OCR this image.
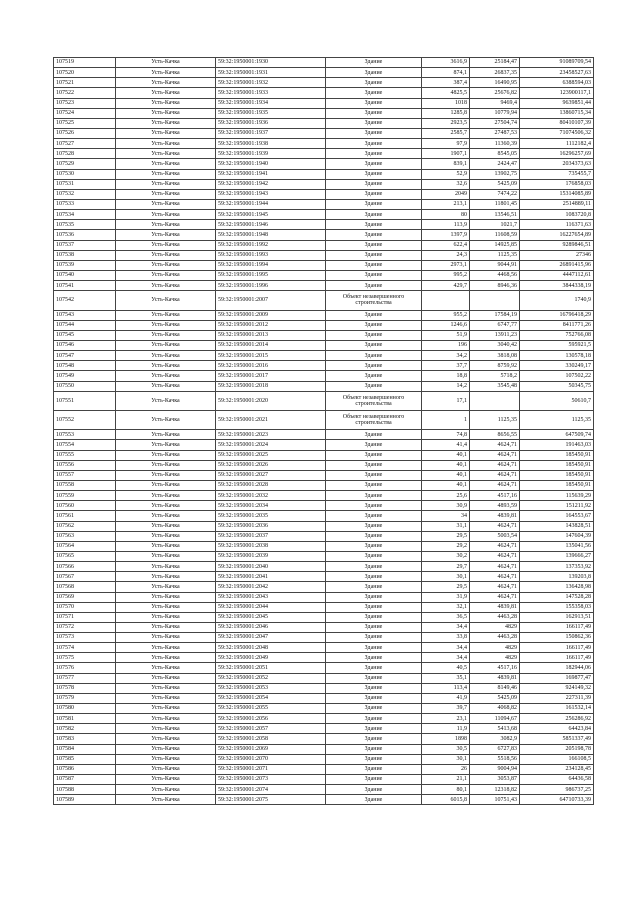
107519	Усть-Качка	59:32:1950001:1930	Здание	3616,9	25184,47	91089709,54
107520	Усть-Качка	59:32:1950001:1931	Здание	874,1	26837,35	23458527,63
107521	Усть-Качка	59:32:1950001:1932	Здание	387,4	16490,95	6388594,03
107522	Усть-Качка	59:32:1950001:1933	Здание	4825,5	25676,82	123900117,1
107523	Усть-Качка	59:32:1950001:1934	Здание	1018	9469,4	9639851,44
107524	Усть-Качка	59:32:1950001:1935	Здание	1285,8	10779,94	13860715,34
107525	Усть-Качка	59:32:1950001:1936	Здание	2923,5	27504,74	80410107,39
107526	Усть-Качка	59:32:1950001:1937	Здание	2585,7	27487,53	71074506,32
107527	Усть-Качка	59:32:1950001:1938	Здание	97,9	11360,39	1112182,4
107528	Усть-Качка	59:32:1950001:1939	Здание	1907,1	8545,05	16296257,69
107529	Усть-Качка	59:32:1950001:1940	Здание	839,1	2424,47	2034373,63
107530	Усть-Качка	59:32:1950001:1941	Здание	52,9	13902,75	735455,7
107531	Усть-Качка	59:32:1950001:1942	Здание	32,6	5425,09	176858,03
107532	Усть-Качка	59:32:1950001:1943	Здание	2049	7474,22	15314085,89
107533	Усть-Качка	59:32:1950001:1944	Здание	213,1	11801,45	2514889,11
107534	Усть-Качка	59:32:1950001:1945	Здание	80	13546,51	1083720,8
107535	Усть-Качка	59:32:1950001:1946	Здание	113,9	1021,7	116371,63
107536	Усть-Качка	59:32:1950001:1948	Здание	1397,9	11608,59	16227654,89
107537	Усть-Качка	59:32:1950001:1992	Здание	622,4	14925,85	9289846,51
107538	Усть-Качка	59:32:1950001:1993	Здание	24,3	1125,35	27346
107539	Усть-Качка	59:32:1950001:1994	Здание	2973,1	9044,91	26891415,96
107540	Усть-Качка	59:32:1950001:1995	Здание	995,2	4468,56	4447112,61
107541	Усть-Качка	59:32:1950001:1996	Здание	429,7	8946,36	3844338,19
107542	Усть-Качка	59:32:1950001:2007	Объект незавершенного строительства			1740,9
107543	Усть-Качка	59:32:1950001:2009	Здание	955,2	17584,19	16796418,29
107544	Усть-Качка	59:32:1950001:2012	Здание	1246,6	6747,77	8411771,26
107545	Усть-Качка	59:32:1950001:2013	Здание	51,9	13911,23	752766,08
107546	Усть-Качка	59:32:1950001:2014	Здание	196	3040,42	595921,5
107547	Усть-Качка	59:32:1950001:2015	Здание	34,2	3818,08	130578,18
107548	Усть-Качка	59:32:1950001:2016	Здание	37,7	8759,92	330249,17
107549	Усть-Качка	59:32:1950001:2017	Здание	18,8	5718,2	107502,22
107550	Усть-Качка	59:32:1950001:2018	Здание	14,2	3545,48	50345,75
107551	Усть-Качка	59:32:1950001:2020	Объект незавершенного строительства	17,1		50610,7
107552	Усть-Качка	59:32:1950001:2021	Объект незавершенного строительства	1	1125,35	1125,35
107553	Усть-Качка	59:32:1950001:2023	Здание	74,8	8656,55	647509,74
107554	Усть-Качка	59:32:1950001:2024	Здание	41,4	4624,71	191463,03
107555	Усть-Качка	59:32:1950001:2025	Здание	40,1	4624,71	185450,91
107556	Усть-Качка	59:32:1950001:2026	Здание	40,1	4624,71	185450,91
107557	Усть-Качка	59:32:1950001:2027	Здание	40,1	4624,71	185450,91
107558	Усть-Качка	59:32:1950001:2028	Здание	40,1	4624,71	185450,91
107559	Усть-Качка	59:32:1950001:2032	Здание	25,6	4517,16	115639,29
107560	Усть-Качка	59:32:1950001:2034	Здание	30,9	4893,59	151211,92
107561	Усть-Качка	59:32:1950001:2035	Здание	34	4839,81	164553,67
107562	Усть-Качка	59:32:1950001:2036	Здание	31,1	4624,71	143828,51
107563	Усть-Качка	59:32:1950001:2037	Здание	29,5	5003,54	147604,39
107564	Усть-Качка	59:32:1950001:2038	Здание	29,2	4624,71	135041,56
107565	Усть-Качка	59:32:1950001:2039	Здание	30,2	4624,71	139666,27
107566	Усть-Качка	59:32:1950001:2040	Здание	29,7	4624,71	137353,92
107567	Усть-Качка	59:32:1950001:2041	Здание	30,1	4624,71	139203,8
107568	Усть-Качка	59:32:1950001:2042	Здание	29,5	4624,71	136428,98
107569	Усть-Качка	59:32:1950001:2043	Здание	31,9	4624,71	147528,28
107570	Усть-Качка	59:32:1950001:2044	Здание	32,1	4839,81	155358,03
107571	Усть-Качка	59:32:1950001:2045	Здание	36,5	4463,28	162913,51
107572	Усть-Качка	59:32:1950001:2046	Здание	34,4	4829	166117,49
107573	Усть-Качка	59:32:1950001:2047	Здание	33,8	4463,28	150862,36
107574	Усть-Качка	59:32:1950001:2048	Здание	34,4	4829	166117,49
107575	Усть-Качка	59:32:1950001:2049	Здание	34,4	4829	166117,49
107576	Усть-Качка	59:32:1950001:2051	Здание	40,5	4517,16	182944,06
107577	Усть-Качка	59:32:1950001:2052	Здание	35,1	4839,81	169877,47
107578	Усть-Качка	59:32:1950001:2053	Здание	113,4	8149,46	924149,32
107579	Усть-Качка	59:32:1950001:2054	Здание	41,9	5425,09	227311,39
107580	Усть-Качка	59:32:1950001:2055	Здание	39,7	4068,82	161532,14
107581	Усть-Качка	59:32:1950001:2056	Здание	23,1	11094,67	256286,92
107582	Усть-Качка	59:32:1950001:2057	Здание	11,9	5413,68	64423,84
107583	Усть-Качка	59:32:1950001:2058	Здание	1898	3082,9	5851337,49
107584	Усть-Качка	59:32:1950001:2069	Здание	30,5	6727,83	205198,78
107585	Усть-Качка	59:32:1950001:2070	Здание	30,1	5518,56	166108,5
107586	Усть-Качка	59:32:1950001:2071	Здание	26	9004,94	234128,45
107587	Усть-Качка	59:32:1950001:2073	Здание	21,1	3053,87	64436,58
107588	Усть-Качка	59:32:1950001:2074	Здание	80,1	12318,82	986737,25
107589	Усть-Качка	59:32:1950001:2075	Здание	6015,8	10751,43	64710733,39
